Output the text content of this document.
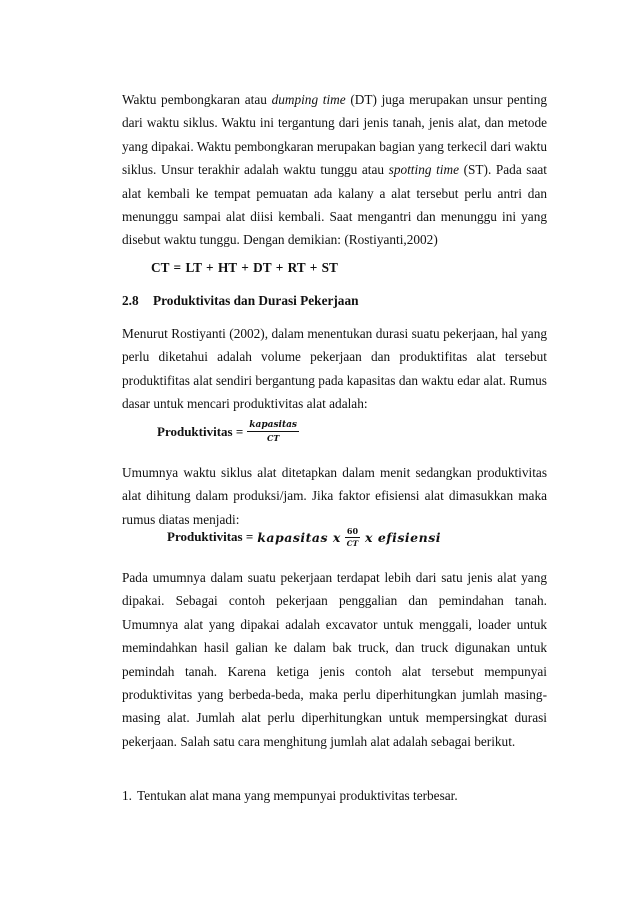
Waktu pembongkaran atau dumping time (DT) juga merupakan unsur penting dari waktu siklus. Waktu ini tergantung dari jenis tanah, jenis alat, dan metode yang dipakai. Waktu pembongkaran merupakan bagian yang terkecil dari waktu siklus. Unsur terakhir adalah waktu tunggu atau spotting time (ST). Pada saat alat kembali ke tempat pemuatan ada kalany a alat tersebut perlu antri dan menunggu sampai alat diisi kembali. Saat mengantri dan menunggu ini yang disebut waktu tunggu. Dengan demikian: (Rostiyanti,2002)

CT = LT + HT + DT + RT + ST
2.8 Produktivitas dan Durasi Pekerjaan

Menurut Rostiyanti (2002), dalam menentukan durasi suatu pekerjaan, hal yang perlu diketahui adalah volume pekerjaan dan produktifitas alat tersebut produktifitas alat sendiri bergantung pada kapasitas dan waktu edar alat. Rumus dasar untuk mencari produktivitas alat adalah:

Produktivitas = $\frac{\text{kapasitas}}{CT}$

Umumnya waktu siklus alat ditetapkan dalam menit sedangkan produktivitas alat dihitung dalam produksi/jam. Jika faktor efisiensi alat dimasukkan maka rumus diatas menjadi:

Produktivitas = kapasitas x $\frac{60}{CT}$ x efisiensi

Pada umumnya dalam suatu pekerjaan terdapat lebih dari satu jenis alat yang dipakai. Sebagai contoh pekerjaan penggalian dan pemindahan tanah. Umumnya alat yang dipakai adalah excavator untuk menggali, loader untuk memindahkan hasil galian ke dalam bak truck, dan truck digunakan untuk pemindah tanah. Karena ketiga jenis contoh alat tersebut mempunyai produktivitas yang berbeda-beda, maka perlu diperhitungkan jumlah masing-masing alat. Jumlah alat perlu diperhitungkan untuk mempersingkat durasi pekerjaan. Salah satu cara menghitung jumlah alat adalah sebagai berikut.

1. Tentukan alat mana yang mempunyai produktivitas terbesar.
